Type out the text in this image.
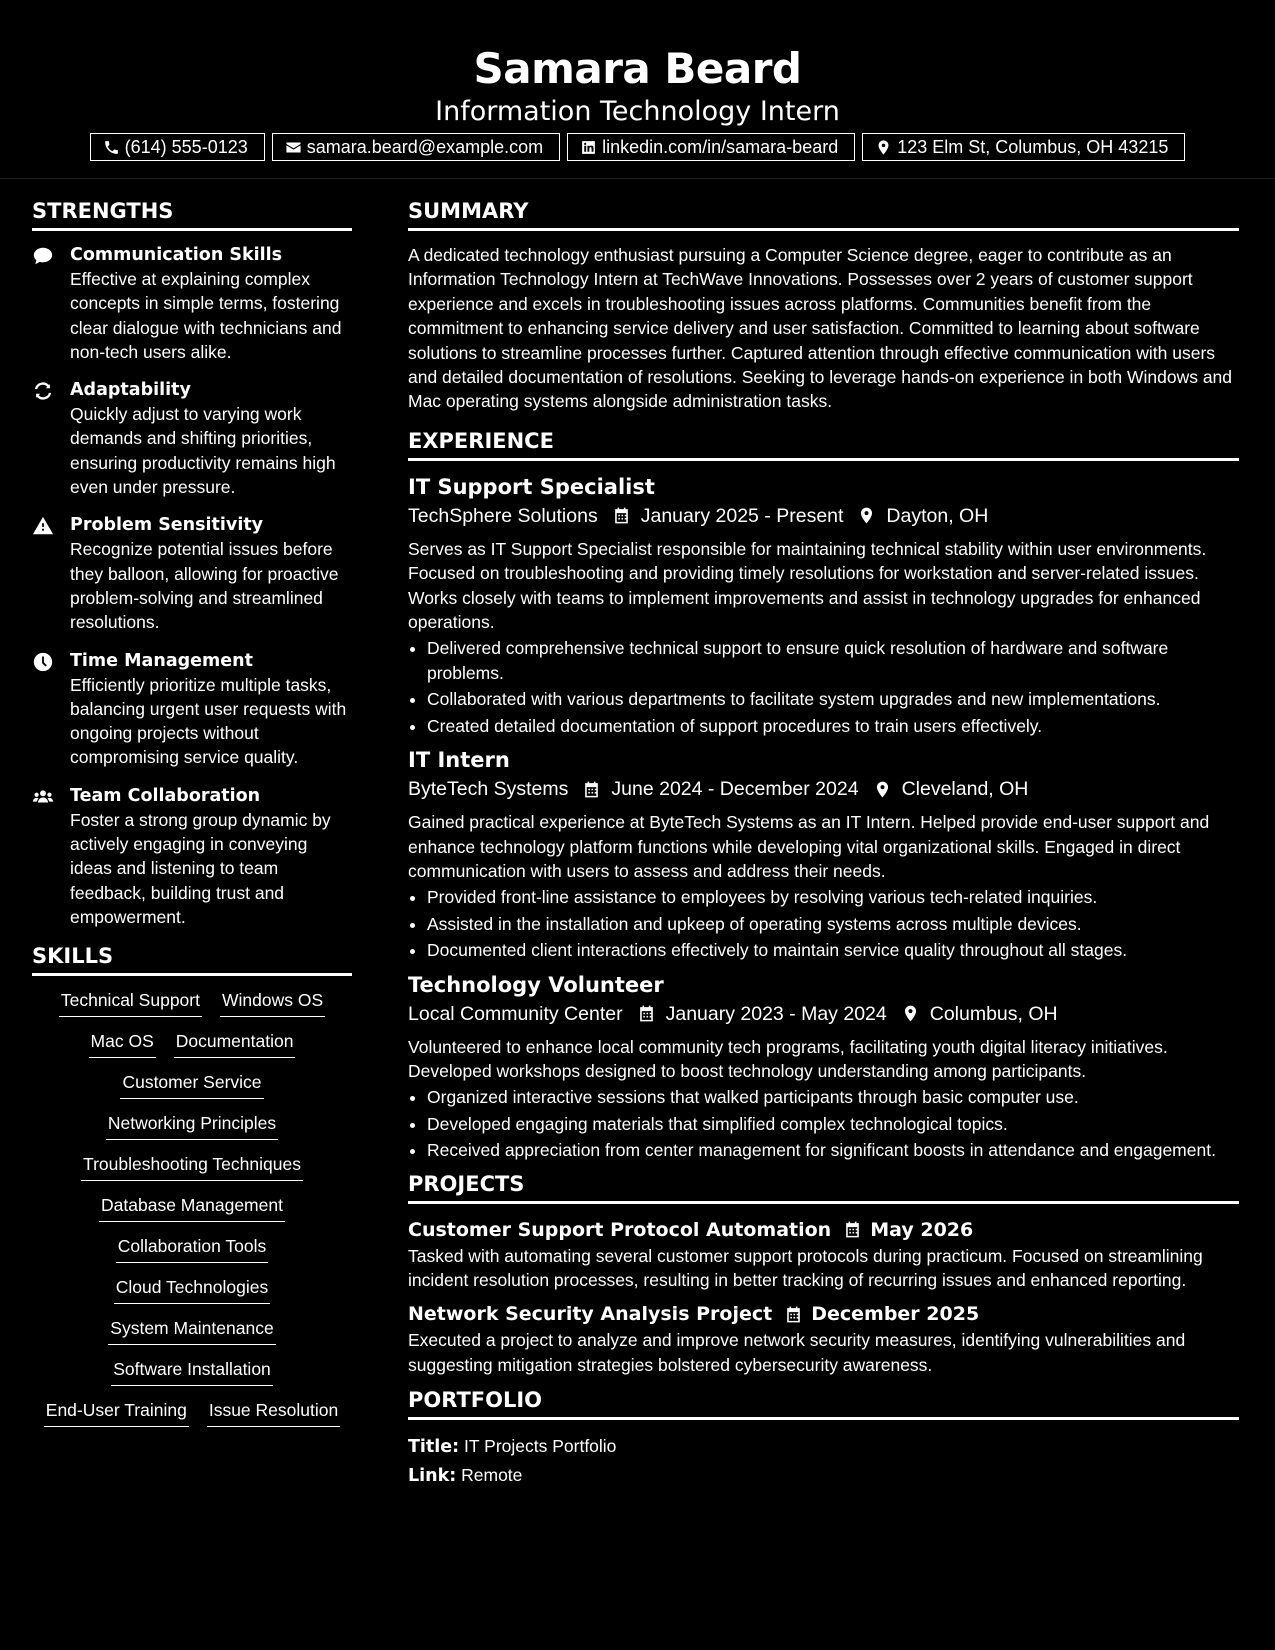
Samara Beard
Information Technology Intern
(614) 555-0123	samara.beard@example.com	linkedin.com/in/samara-beard	123 Elm St, Columbus, OH 43215
STRENGTHS
Communication Skills
Effective at explaining complex concepts in simple terms, fostering clear dialogue with technicians and non-tech users alike.
Adaptability
Quickly adjust to varying work demands and shifting priorities, ensuring productivity remains high even under pressure.
Problem Sensitivity
Recognize potential issues before they balloon, allowing for proactive problem-solving and streamlined resolutions.
Time Management
Efficiently prioritize multiple tasks, balancing urgent user requests with ongoing projects without compromising service quality.
Team Collaboration
Foster a strong group dynamic by actively engaging in conveying ideas and listening to team feedback, building trust and empowerment.
SKILLS
Technical Support Windows OS
Mac OS Documentation
Customer Service
Networking Principles
Troubleshooting Techniques
Database Management
Collaboration Tools
Cloud Technologies
System Maintenance
Software Installation
End-User Training Issue Resolution
SUMMARY
A dedicated technology enthusiast pursuing a Computer Science degree, eager to contribute as an Information Technology Intern at TechWave Innovations. Possesses over 2 years of customer support experience and excels in troubleshooting issues across platforms. Communities benefit from the commitment to enhancing service delivery and user satisfaction. Committed to learning about software solutions to streamline processes further. Captured attention through effective communication with users and detailed documentation of resolutions. Seeking to leverage hands-on experience in both Windows and Mac operating systems alongside administration tasks.
EXPERIENCE
IT Support Specialist
TechSphere Solutions January 2025 - Present Dayton, OH
Serves as IT Support Specialist responsible for maintaining technical stability within user environments. Focused on troubleshooting and providing timely resolutions for workstation and server-related issues. Works closely with teams to implement improvements and assist in technology upgrades for enhanced operations.
• Delivered comprehensive technical support to ensure quick resolution of hardware and software problems.
• Collaborated with various departments to facilitate system upgrades and new implementations.
• Created detailed documentation of support procedures to train users effectively.
IT Intern
ByteTech Systems June 2024 - December 2024 Cleveland, OH
Gained practical experience at ByteTech Systems as an IT Intern. Helped provide end-user support and enhance technology platform functions while developing vital organizational skills. Engaged in direct communication with users to assess and address their needs.
• Provided front-line assistance to employees by resolving various tech-related inquiries.
• Assisted in the installation and upkeep of operating systems across multiple devices.
• Documented client interactions effectively to maintain service quality throughout all stages.
Technology Volunteer
Local Community Center January 2023 - May 2024 Columbus, OH
Volunteered to enhance local community tech programs, facilitating youth digital literacy initiatives. Developed workshops designed to boost technology understanding among participants.
• Organized interactive sessions that walked participants through basic computer use.
• Developed engaging materials that simplified complex technological topics.
• Received appreciation from center management for significant boosts in attendance and engagement.
PROJECTS
Customer Support Protocol Automation May 2026
Tasked with automating several customer support protocols during practicum. Focused on streamlining incident resolution processes, resulting in better tracking of recurring issues and enhanced reporting.
Network Security Analysis Project December 2025
Executed a project to analyze and improve network security measures, identifying vulnerabilities and suggesting mitigation strategies bolstered cybersecurity awareness.
PORTFOLIO
Title: IT Projects Portfolio
Link: Remote
